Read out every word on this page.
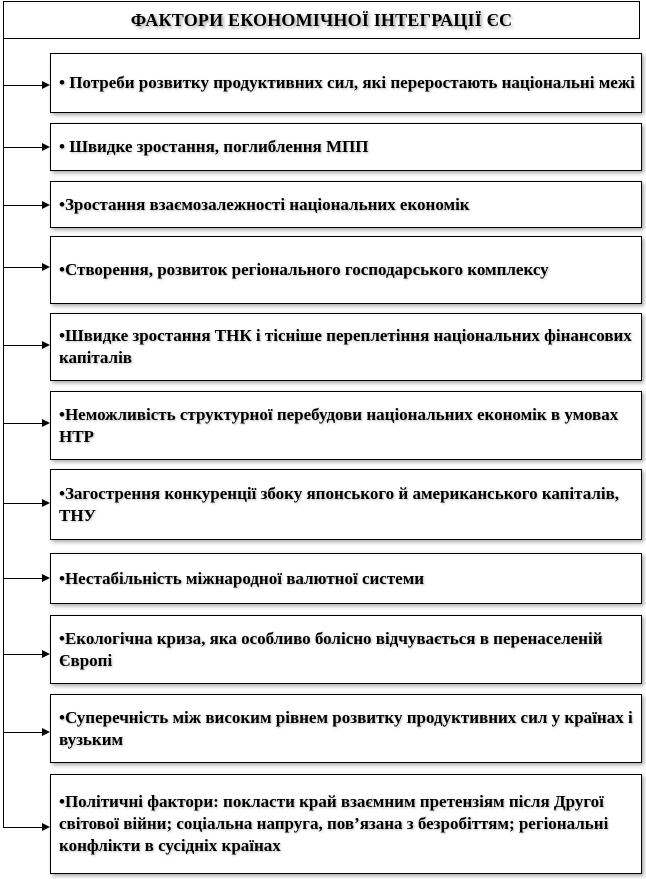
ФАКТОРИ ЕКОНОМІЧНОЇ ІНТЕГРАЦІЇ ЄС
• Потреби розвитку продуктивних сил, які переростають національні межі
• Швидке зростання, поглиблення МПП
•Зростання взаємозалежності національних економік
•Створення, розвиток регіонального господарського комплексу
•Швидке зростання ТНК і тісніше переплетіння національних фінансових капіталів
•Неможливість структурної перебудови національних економік в умовах НТР
•Загострення конкуренції збоку японського й американського капіталів, ТНУ
•Нестабільність міжнародної валютної системи
•Екологічна криза, яка особливо болісно відчувається в перенаселеній Європі
•Суперечність між високим рівнем розвитку продуктивних сил у країнах і вузьким
•Політичні фактори: покласти край взаємним претензіям після Другої світової війни; соціальна напруга, пов’язана з безробіттям; регіональні конфлікти в сусідніх країнах
